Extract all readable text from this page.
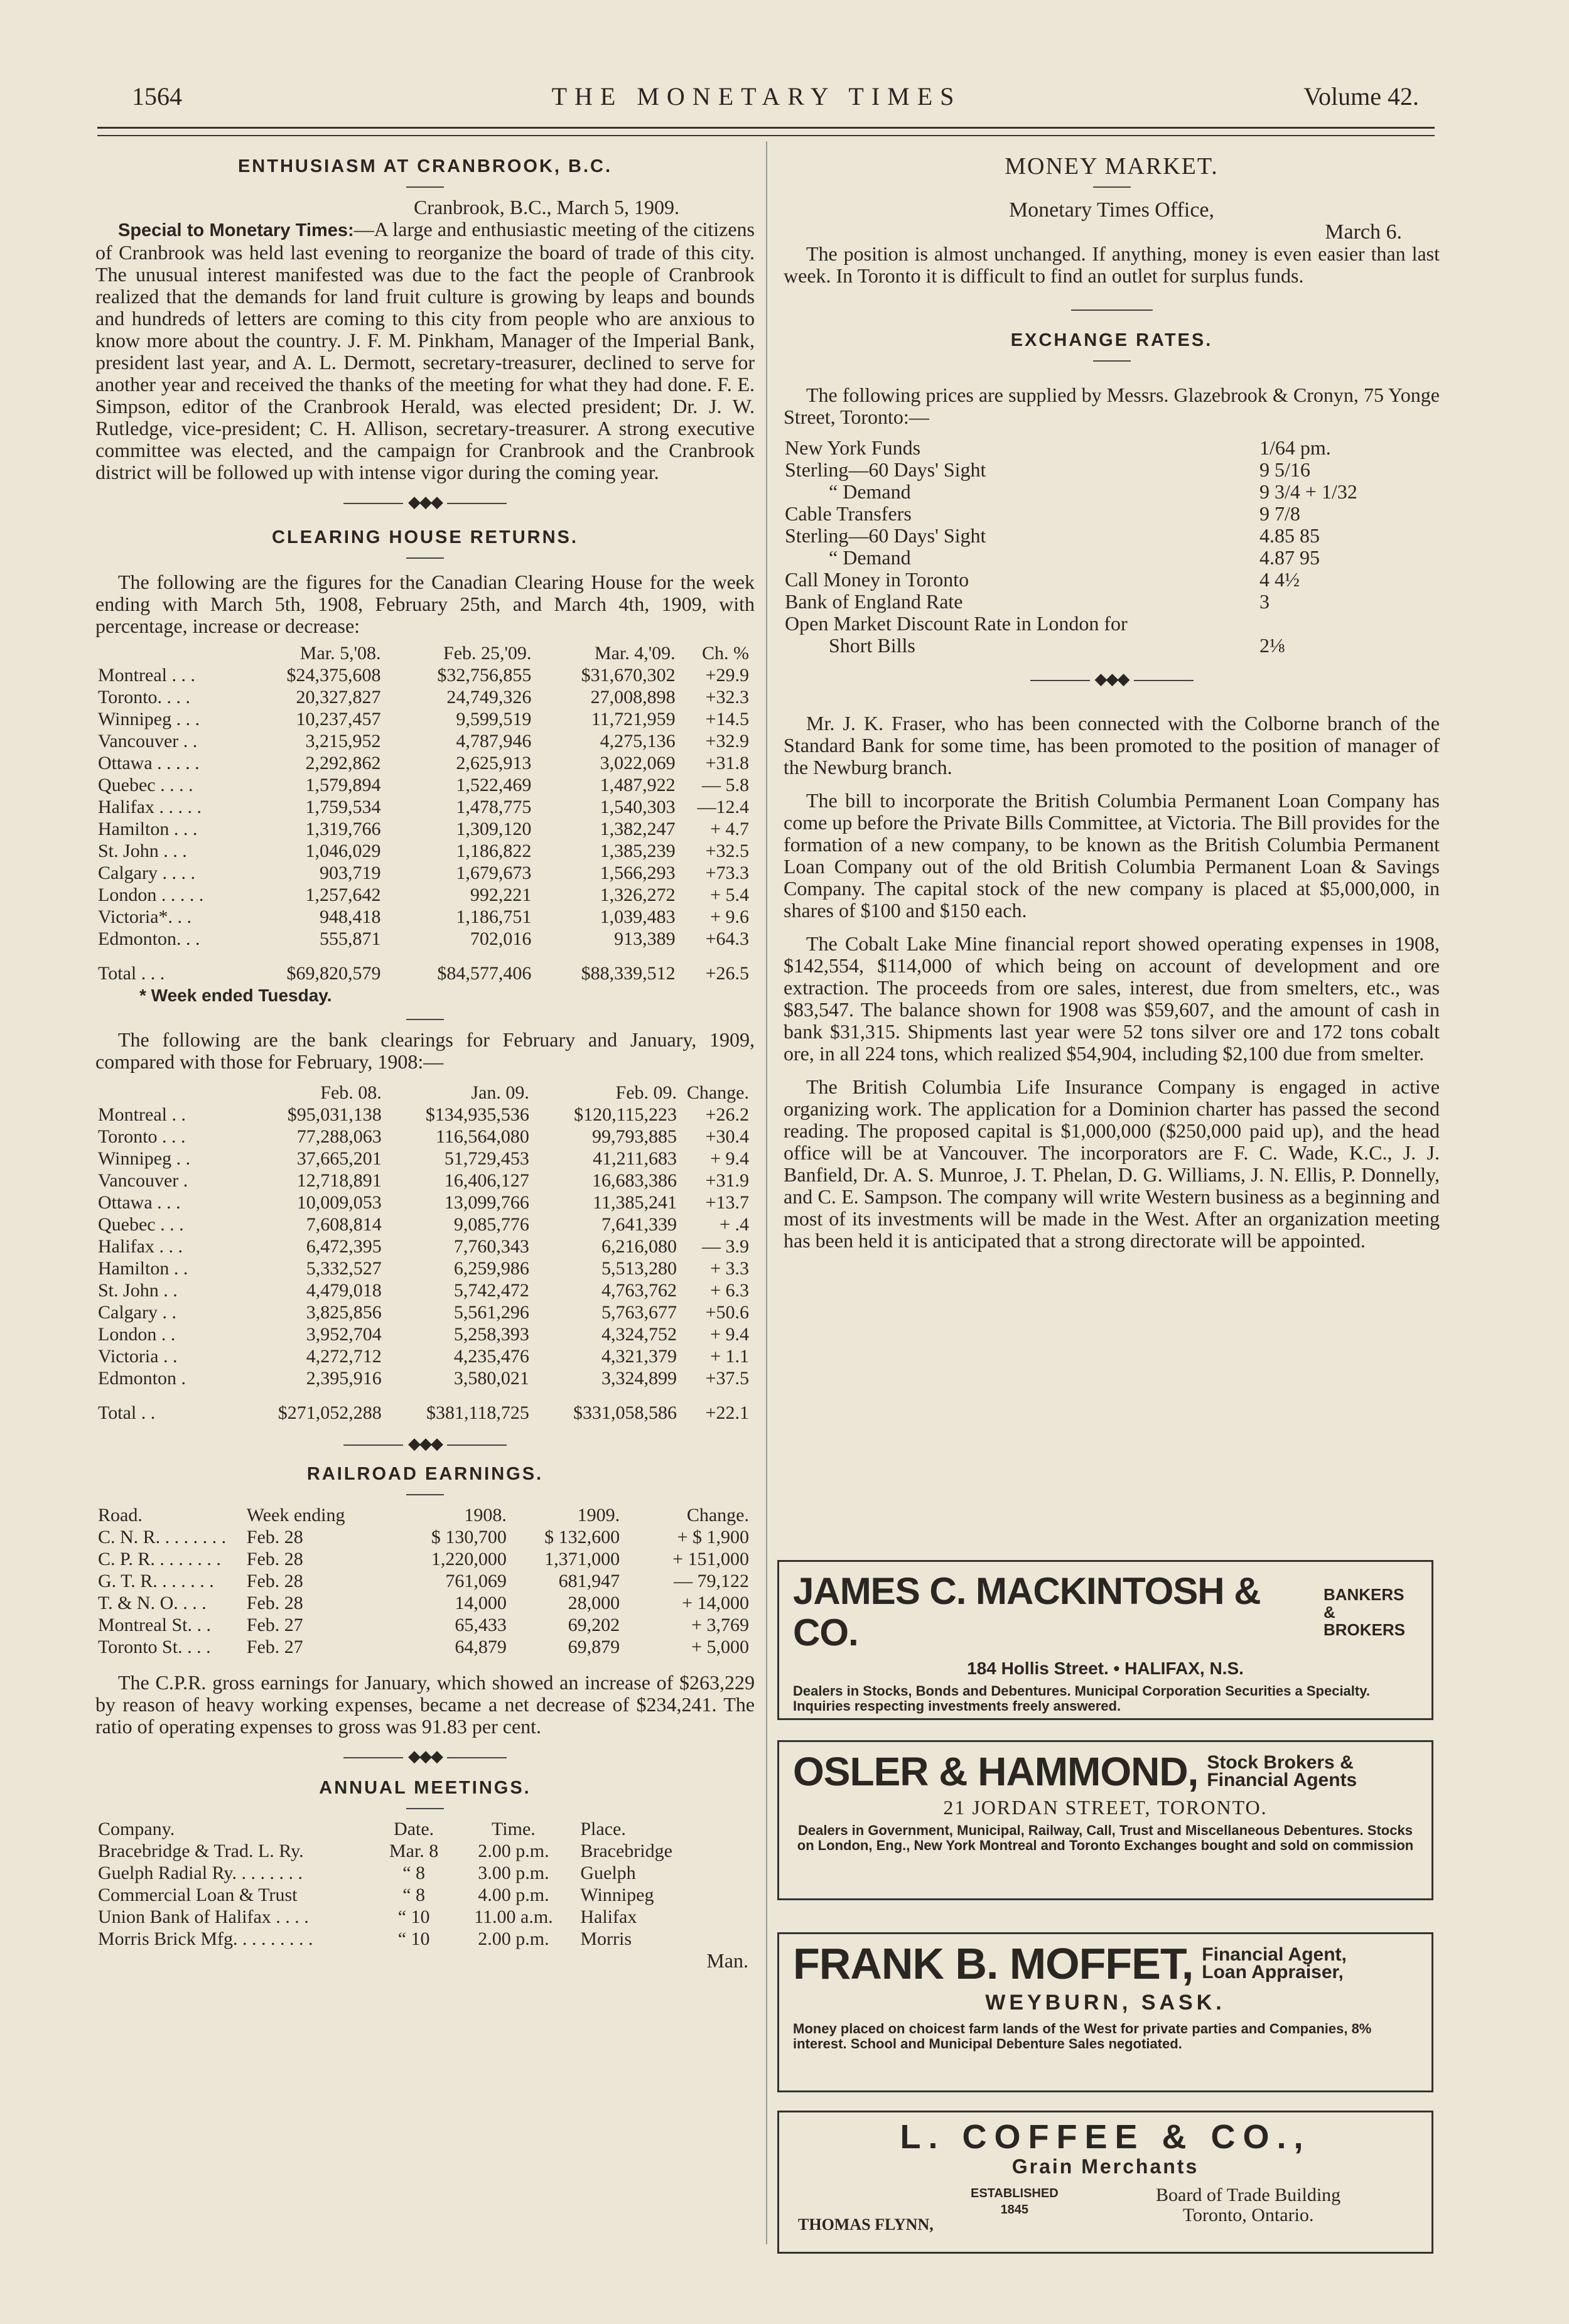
1564	THE MONETARY TIMES	Volume 42.
ENTHUSIASM AT CRANBROOK, B.C.
Cranbrook, B.C., March 5, 1909.

Special to Monetary Times:—A large and enthusiastic meeting of the citizens of Cranbrook was held last evening to reorganize the board of trade of this city. The unusual interest manifested was due to the fact the people of Cranbrook realized that the demands for land fruit culture is growing by leaps and bounds and hundreds of letters are coming to this city from people who are anxious to know more about the country. J. F. M. Pinkham, Manager of the Imperial Bank, president last year, and A. L. Dermott, secretary-treasurer, declined to serve for another year and received the thanks of the meeting for what they had done. F. E. Simpson, editor of the Cranbrook Herald, was elected president; Dr. J. W. Rutledge, vice-president; C. H. Allison, secretary-treasurer. A strong executive committee was elected, and the campaign for Cranbrook and the Cranbrook district will be followed up with intense vigor during the coming year.

◆◆◆
CLEARING HOUSE RETURNS.

The following are the figures for the Canadian Clearing House for the week ending with March 5th, 1908, February 25th, and March 4th, 1909, with percentage, increase or decrease:

	Mar. 5,'08.	Feb. 25,'09.	Mar. 4,'09.	Ch. %
Montreal . . .	$24,375,608	$32,756,855	$31,670,302	+29.9
Toronto. . . .	20,327,827	24,749,326	27,008,898	+32.3
Winnipeg . . .	10,237,457	9,599,519	11,721,959	+14.5
Vancouver . .	3,215,952	4,787,946	4,275,136	+32.9
Ottawa . . . . .	2,292,862	2,625,913	3,022,069	+31.8
Quebec . . . .	1,579,894	1,522,469	1,487,922	— 5.8
Halifax . . . . .	1,759,534	1,478,775	1,540,303	—12.4
Hamilton . . .	1,319,766	1,309,120	1,382,247	+ 4.7
St. John . . .	1,046,029	1,186,822	1,385,239	+32.5
Calgary . . . .	903,719	1,679,673	1,566,293	+73.3
London . . . . .	1,257,642	992,221	1,326,272	+ 5.4
Victoria*. . .	948,418	1,186,751	1,039,483	+ 9.6
Edmonton. . .	555,871	702,016	913,389	+64.3
Total . . .	$69,820,579	$84,577,406	$88,339,512	+26.5
* Week ended Tuesday.

The following are the bank clearings for February and January, 1909, compared with those for February, 1908:—

	Feb. 08.	Jan. 09.	Feb. 09.	Change.
Montreal . .	$95,031,138	$134,935,536	$120,115,223	+26.2
Toronto . . .	77,288,063	116,564,080	99,793,885	+30.4
Winnipeg . .	37,665,201	51,729,453	41,211,683	+ 9.4
Vancouver .	12,718,891	16,406,127	16,683,386	+31.9
Ottawa . . .	10,009,053	13,099,766	11,385,241	+13.7
Quebec . . .	7,608,814	9,085,776	7,641,339	+ .4
Halifax . . .	6,472,395	7,760,343	6,216,080	— 3.9
Hamilton . .	5,332,527	6,259,986	5,513,280	+ 3.3
St. John . .	4,479,018	5,742,472	4,763,762	+ 6.3
Calgary . .	3,825,856	5,561,296	5,763,677	+50.6
London . .	3,952,704	5,258,393	4,324,752	+ 9.4
Victoria . .	4,272,712	4,235,476	4,321,379	+ 1.1
Edmonton .	2,395,916	3,580,021	3,324,899	+37.5
Total . .	$271,052,288	$381,118,725	$331,058,586	+22.1
◆◆◆
RAILROAD EARNINGS.
Road.	Week ending	1908.	1909.	Change.
C. N. R. . . . . . . .	Feb. 28	$ 130,700	$ 132,600	+ $ 1,900
C. P. R. . . . . . . .	Feb. 28	1,220,000	1,371,000	+ 151,000
G. T. R. . . . . . .	Feb. 28	761,069	681,947	— 79,122
T. & N. O. . . .	Feb. 28	14,000	28,000	+ 14,000
Montreal St. . .	Feb. 27	65,433	69,202	+ 3,769
Toronto St. . . .	Feb. 27	64,879	69,879	+ 5,000

The C.P.R. gross earnings for January, which showed an increase of $263,229 by reason of heavy working expenses, became a net decrease of $234,241. The ratio of operating expenses to gross was 91.83 per cent.

◆◆◆
ANNUAL MEETINGS.
Company.	Date.	Time.	Place.
Bracebridge & Trad. L. Ry.	Mar. 8	2.00 p.m.	Bracebridge
Guelph Radial Ry. . . . . . . .	“ 8	3.00 p.m.	Guelph
Commercial Loan & Trust	“ 8	4.00 p.m.	Winnipeg
Union Bank of Halifax . . . .	“ 10	11.00 a.m.	Halifax
Morris Brick Mfg. . . . . . . . .	“ 10	2.00 p.m.	Morris
Man.
MONEY MARKET.
Monetary Times Office,
March 6.

The position is almost unchanged. If anything, money is even easier than last week. In Toronto it is difficult to find an outlet for surplus funds.

EXCHANGE RATES.

The following prices are supplied by Messrs. Glazebrook & Cronyn, 75 Yonge Street, Toronto:—

New York Funds	1/64 pm.
Sterling—60 Days' Sight	9 5/16
“ Demand	9 3/4 + 1/32
Cable Transfers	9 7/8
Sterling—60 Days' Sight	4.85 85
“ Demand	4.87 95
Call Money in Toronto	4 4½
Bank of England Rate	3
Open Market Discount Rate in London for	
Short Bills	2⅛
◆◆◆

Mr. J. K. Fraser, who has been connected with the Colborne branch of the Standard Bank for some time, has been promoted to the position of manager of the Newburg branch.

The bill to incorporate the British Columbia Permanent Loan Company has come up before the Private Bills Committee, at Victoria. The Bill provides for the formation of a new company, to be known as the British Columbia Permanent Loan Company out of the old British Columbia Permanent Loan & Savings Company. The capital stock of the new company is placed at $5,000,000, in shares of $100 and $150 each.

The Cobalt Lake Mine financial report showed operating expenses in 1908, $142,554, $114,000 of which being on account of development and ore extraction. The proceeds from ore sales, interest, due from smelters, etc., was $83,547. The balance shown for 1908 was $59,607, and the amount of cash in bank $31,315. Shipments last year were 52 tons silver ore and 172 tons cobalt ore, in all 224 tons, which realized $54,904, including $2,100 due from smelter.

The British Columbia Life Insurance Company is engaged in active organizing work. The application for a Dominion charter has passed the second reading. The proposed capital is $1,000,000 ($250,000 paid up), and the head office will be at Vancouver. The incorporators are F. C. Wade, K.C., J. J. Banfield, Dr. A. S. Munroe, J. T. Phelan, D. G. Williams, J. N. Ellis, P. Donnelly, and C. E. Sampson. The company will write Western business as a beginning and most of its investments will be made in the West. After an organization meeting has been held it is anticipated that a strong directorate will be appointed.

JAMES C. MACKINTOSH & CO.
BANKERS
& BROKERS
184 Hollis Street. • HALIFAX, N.S.
Dealers in Stocks, Bonds and Debentures. Municipal Corporation Securities a Specialty. Inquiries respecting investments freely answered.
OSLER & HAMMOND, Stock Brokers &
Financial Agents
21 JORDAN STREET, TORONTO.
Dealers in Government, Municipal, Railway, Call, Trust and Miscellaneous Debentures. Stocks on London, Eng., New York Montreal and Toronto Exchanges bought and sold on commission
FRANK B. MOFFET, Financial Agent,
Loan Appraiser,
WEYBURN, SASK.
Money placed on choicest farm lands of the West for private parties and Companies, 8% interest. School and Municipal Debenture Sales negotiated.
L. COFFEE & CO.,
Grain Merchants
THOMAS FLYNN,
ESTABLISHED
1845
Board of Trade Building
Toronto, Ontario.
